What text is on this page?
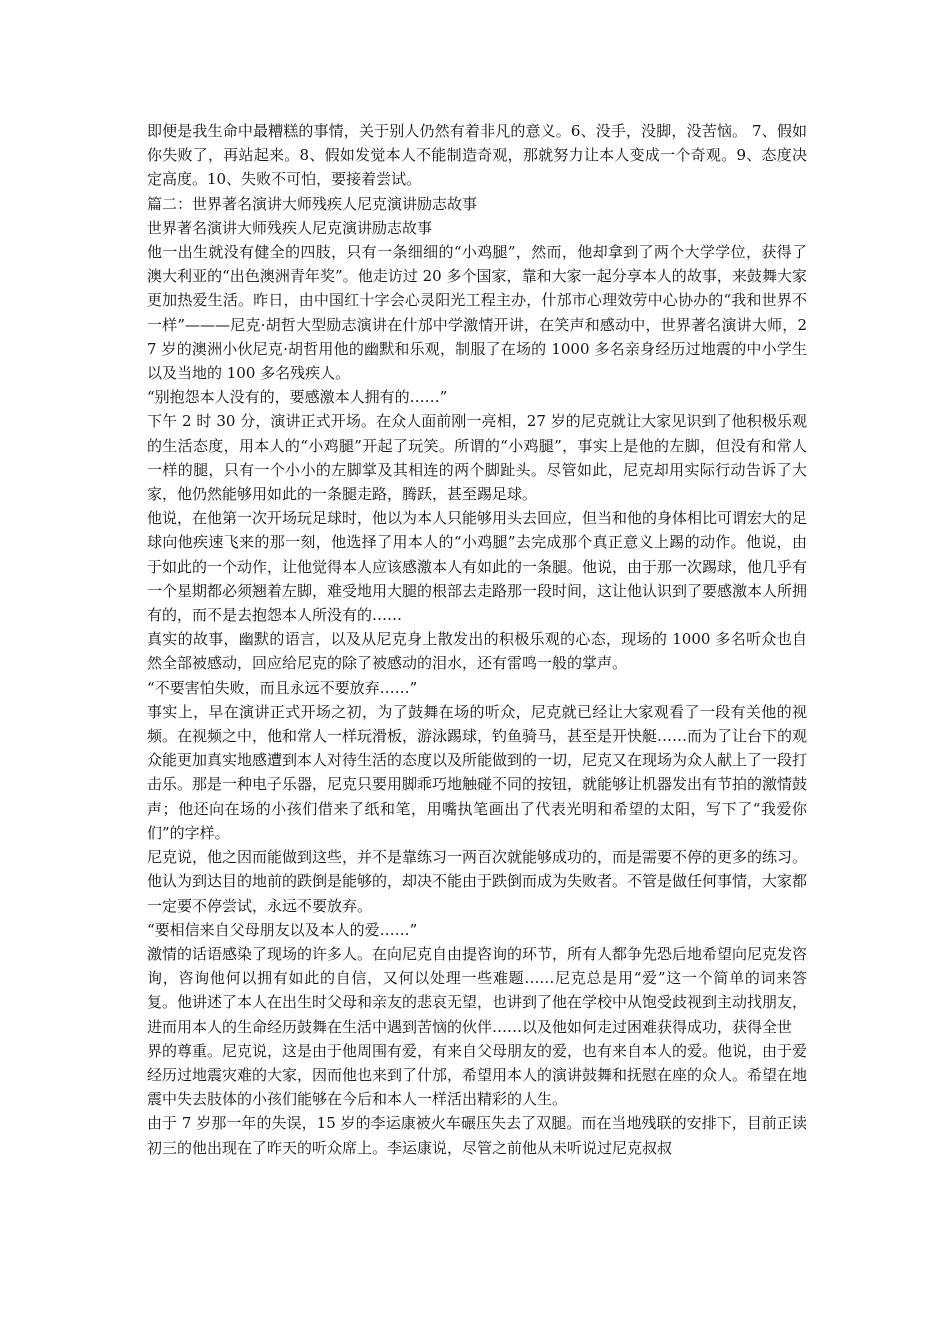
即便是我生命中最糟糕的事情，关于别人仍然有着非凡的意义。6、没手，没脚，没苦恼。 7、假如你失败了，再站起来。8、假如发觉本人不能制造奇观，那就努力让本人变成一个奇观。9、态度决定高度。10、失败不可怕，要接着尝试。

篇二：世界著名演讲大师残疾人尼克演讲励志故事

世界著名演讲大师残疾人尼克演讲励志故事

他一出生就没有健全的四肢，只有一条细细的“小鸡腿”，然而，他却拿到了两个大学学位，获得了澳大利亚的“出色澳洲青年奖”。他走访过 20 多个国家，靠和大家一起分享本人的故事，来鼓舞大家更加热爱生活。昨日，由中国红十字会心灵阳光工程主办，什邡市心理效劳中心协办的“我和世界不一样”———尼克·胡哲大型励志演讲在什邡中学激情开讲，在笑声和感动中，世界著名演讲大师，27 岁的澳洲小伙尼克·胡哲用他的幽默和乐观，制服了在场的 1000 多名亲身经历过地震的中小学生以及当地的 100 多名残疾人。

“别抱怨本人没有的，要感激本人拥有的……”

下午 2 时 30 分，演讲正式开场。在众人面前刚一亮相，27 岁的尼克就让大家见识到了他积极乐观的生活态度，用本人的“小鸡腿”开起了玩笑。所谓的“小鸡腿”，事实上是他的左脚，但没有和常人一样的腿，只有一个小小的左脚掌及其相连的两个脚趾头。尽管如此，尼克却用实际行动告诉了大家，他仍然能够用如此的一条腿走路，腾跃，甚至踢足球。

他说，在他第一次开场玩足球时，他以为本人只能够用头去回应，但当和他的身体相比可谓宏大的足球向他疾速飞来的那一刻，他选择了用本人的“小鸡腿”去完成那个真正意义上踢的动作。他说，由于如此的一个动作，让他觉得本人应该感激本人有如此的一条腿。他说，由于那一次踢球，他几乎有一个星期都必须翘着左脚，难受地用大腿的根部去走路那一段时间，这让他认识到了要感激本人所拥有的，而不是去抱怨本人所没有的……

真实的故事，幽默的语言，以及从尼克身上散发出的积极乐观的心态，现场的 1000 多名听众也自然全部被感动，回应给尼克的除了被感动的泪水，还有雷鸣一般的掌声。

“不要害怕失败，而且永远不要放弃……”

事实上，早在演讲正式开场之初，为了鼓舞在场的听众，尼克就已经让大家观看了一段有关他的视频。在视频之中，他和常人一样玩滑板，游泳踢球，钓鱼骑马，甚至是开快艇……而为了让台下的观众能更加真实地感遭到本人对待生活的态度以及所能做到的一切，尼克又在现场为众人献上了一段打击乐。那是一种电子乐器，尼克只要用脚乖巧地触碰不同的按钮，就能够让机器发出有节拍的激情鼓声；他还向在场的小孩们借来了纸和笔，用嘴执笔画出了代表光明和希望的太阳，写下了“我爱你们”的字样。

尼克说，他之因而能做到这些，并不是靠练习一两百次就能够成功的，而是需要不停的更多的练习。他认为到达目的地前的跌倒是能够的，却决不能由于跌倒而成为失败者。不管是做任何事情，大家都一定要不停尝试，永远不要放弃。

“要相信来自父母朋友以及本人的爱……”

激情的话语感染了现场的许多人。在向尼克自由提咨询的环节，所有人都争先恐后地希望向尼克发咨询，咨询他何以拥有如此的自信，又何以处理一些难题……尼克总是用“爱”这一个简单的词来答复。他讲述了本人在出生时父母和亲友的悲哀无望，也讲到了他在学校中从饱受歧视到主动找朋友，进而用本人的生命经历鼓舞在生活中遇到苦恼的伙伴……以及他如何走过困难获得成功，获得全世

界的尊重。尼克说，这是由于他周围有爱，有来自父母朋友的爱，也有来自本人的爱。他说，由于爱经历过地震灾难的大家，因而他也来到了什邡，希望用本人的演讲鼓舞和抚慰在座的众人。希望在地震中失去肢体的小孩们能够在今后和本人一样活出精彩的人生。

由于 7 岁那一年的失误，15 岁的李运康被火车碾压失去了双腿。而在当地残联的安排下，目前正读初三的他出现在了昨天的听众席上。李运康说，尽管之前他从未听说过尼克叔叔
